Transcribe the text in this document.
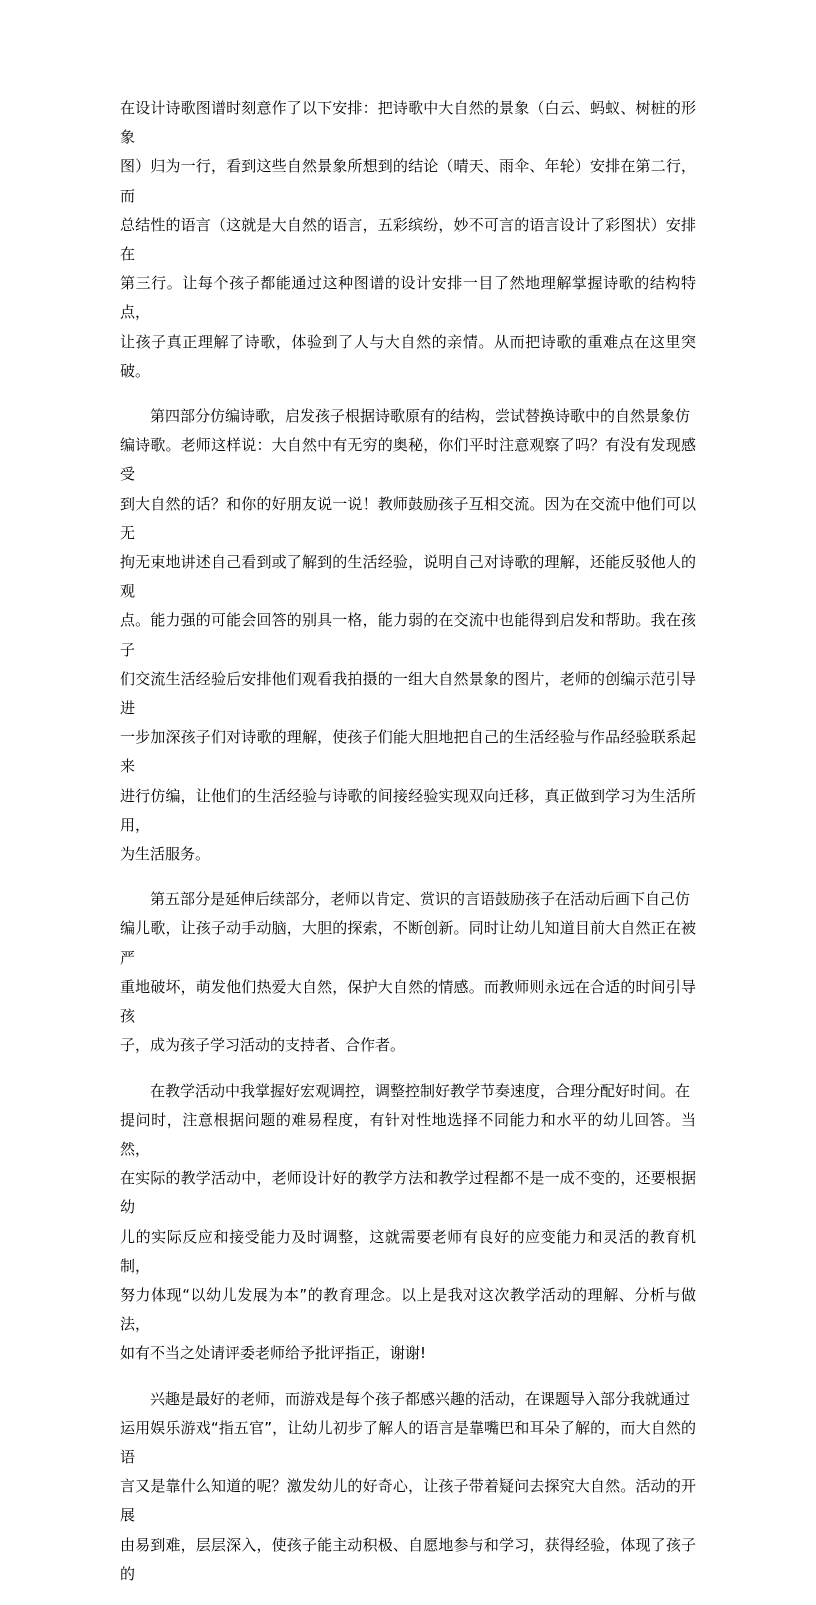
在设计诗歌图谱时刻意作了以下安排：把诗歌中大自然的景象（白云、蚂蚁、树桩的形象
图）归为一行，看到这些自然景象所想到的结论（晴天、雨伞、年轮）安排在第二行，而
总结性的语言（这就是大自然的语言，五彩缤纷，妙不可言的语言设计了彩图状）安排在
第三行。让每个孩子都能通过这种图谱的设计安排一目了然地理解掌握诗歌的结构特点，
让孩子真正理解了诗歌，体验到了人与大自然的亲情。从而把诗歌的重难点在这里突破。
第四部分仿编诗歌，启发孩子根据诗歌原有的结构，尝试替换诗歌中的自然景象仿
编诗歌。老师这样说：大自然中有无穷的奥秘，你们平时注意观察了吗？有没有发现感受
到大自然的话？和你的好朋友说一说！教师鼓励孩子互相交流。因为在交流中他们可以无
拘无束地讲述自己看到或了解到的生活经验，说明自己对诗歌的理解，还能反驳他人的观
点。能力强的可能会回答的别具一格，能力弱的在交流中也能得到启发和帮助。我在孩子
们交流生活经验后安排他们观看我拍摄的一组大自然景象的图片，老师的创编示范引导进
一步加深孩子们对诗歌的理解，使孩子们能大胆地把自己的生活经验与作品经验联系起来
进行仿编，让他们的生活经验与诗歌的间接经验实现双向迁移，真正做到学习为生活所用，
为生活服务。
第五部分是延伸后续部分，老师以肯定、赏识的言语鼓励孩子在活动后画下自己仿
编儿歌，让孩子动手动脑，大胆的探索，不断创新。同时让幼儿知道目前大自然正在被严
重地破坏，萌发他们热爱大自然，保护大自然的情感。而教师则永远在合适的时间引导孩
子，成为孩子学习活动的支持者、合作者。
在教学活动中我掌握好宏观调控，调整控制好教学节奏速度，合理分配好时间。在
提问时，注意根据问题的难易程度，有针对性地选择不同能力和水平的幼儿回答。当然，
在实际的教学活动中，老师设计好的教学方法和教学过程都不是一成不变的，还要根据幼
儿的实际反应和接受能力及时调整，这就需要老师有良好的应变能力和灵活的教育机制，
努力体现“以幼儿发展为本”的教育理念。以上是我对这次教学活动的理解、分析与做法，
如有不当之处请评委老师给予批评指正，谢谢!
兴趣是最好的老师，而游戏是每个孩子都感兴趣的活动，在课题导入部分我就通过
运用娱乐游戏“指五官”，让幼儿初步了解人的语言是靠嘴巴和耳朵了解的，而大自然的语
言又是靠什么知道的呢？激发幼儿的好奇心，让孩子带着疑问去探究大自然。活动的开展
由易到难，层层深入，使孩子能主动积极、自愿地参与和学习，获得经验，体现了孩子的
